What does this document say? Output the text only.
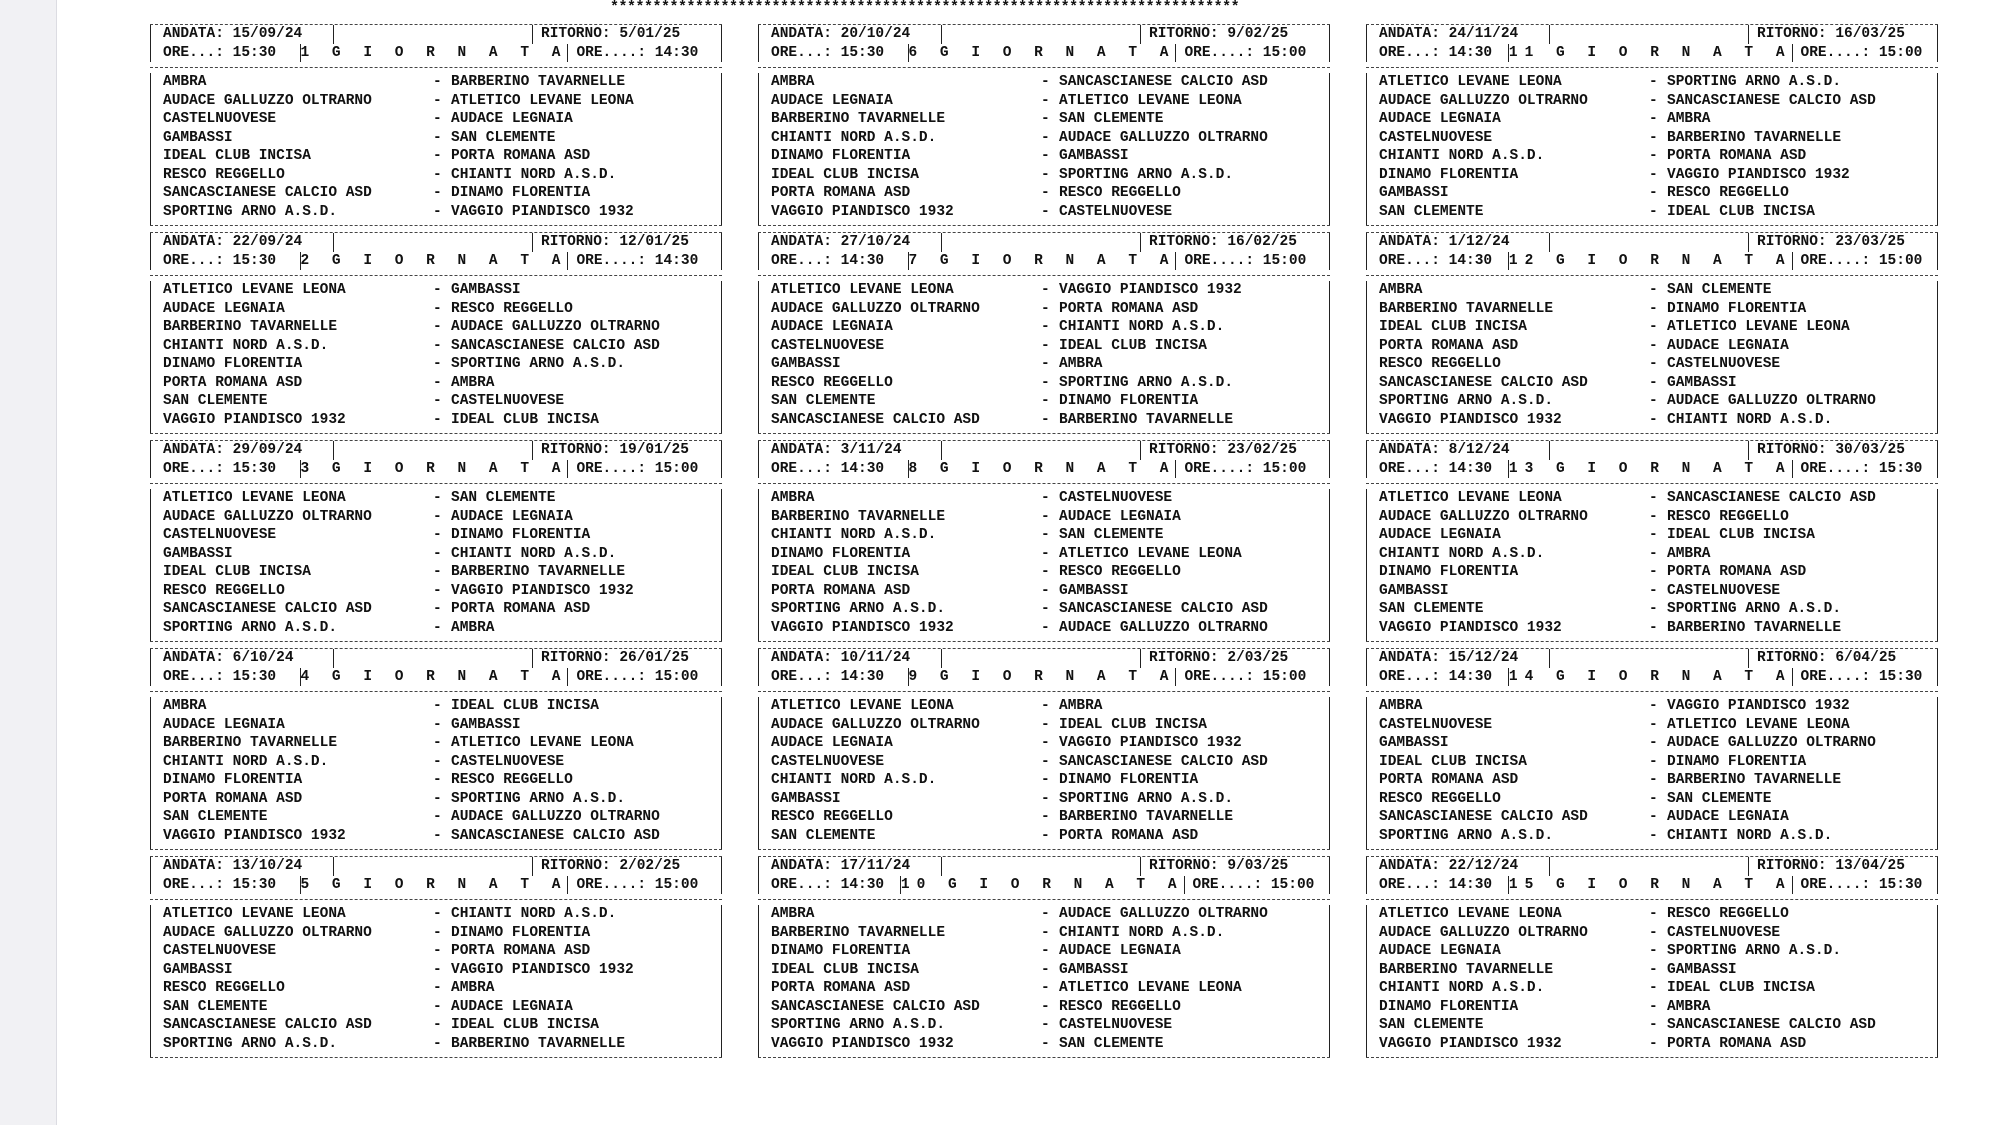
**************************************************************************
ANDATA: 15/09/24	RITORNO: 5/01/25
ORE...: 15:30	1 G I O R N A T A ORE....: 14:30
AMBRA	- BARBERINO TAVARNELLE
AUDACE GALLUZZO OLTRARNO	- ATLETICO LEVANE LEONA
CASTELNUOVESE	- AUDACE LEGNAIA
GAMBASSI	- SAN CLEMENTE
IDEAL CLUB INCISA	- PORTA ROMANA ASD
RESCO REGGELLO	- CHIANTI NORD A.S.D.
SANCASCIANESE CALCIO ASD	- DINAMO FLORENTIA
SPORTING ARNO A.S.D.	- VAGGIO PIANDISCO 1932
ANDATA: 20/10/24	RITORNO: 9/02/25
ORE...: 15:30	6 G I O R N A T A ORE....: 15:00
AMBRA	- SANCASCIANESE CALCIO ASD
AUDACE LEGNAIA	- ATLETICO LEVANE LEONA
BARBERINO TAVARNELLE	- SAN CLEMENTE
CHIANTI NORD A.S.D.	- AUDACE GALLUZZO OLTRARNO
DINAMO FLORENTIA	- GAMBASSI
IDEAL CLUB INCISA	- SPORTING ARNO A.S.D.
PORTA ROMANA ASD	- RESCO REGGELLO
VAGGIO PIANDISCO 1932	- CASTELNUOVESE
ANDATA: 24/11/24	RITORNO: 16/03/25
ORE...: 14:30	11 G I O R N A T A ORE....: 15:00
ATLETICO LEVANE LEONA	- SPORTING ARNO A.S.D.
AUDACE GALLUZZO OLTRARNO	- SANCASCIANESE CALCIO ASD
AUDACE LEGNAIA	- AMBRA
CASTELNUOVESE	- BARBERINO TAVARNELLE
CHIANTI NORD A.S.D.	- PORTA ROMANA ASD
DINAMO FLORENTIA	- VAGGIO PIANDISCO 1932
GAMBASSI	- RESCO REGGELLO
SAN CLEMENTE	- IDEAL CLUB INCISA
ANDATA: 22/09/24	RITORNO: 12/01/25
ORE...: 15:30	2 G I O R N A T A ORE....: 14:30
ATLETICO LEVANE LEONA	- GAMBASSI
AUDACE LEGNAIA	- RESCO REGGELLO
BARBERINO TAVARNELLE	- AUDACE GALLUZZO OLTRARNO
CHIANTI NORD A.S.D.	- SANCASCIANESE CALCIO ASD
DINAMO FLORENTIA	- SPORTING ARNO A.S.D.
PORTA ROMANA ASD	- AMBRA
SAN CLEMENTE	- CASTELNUOVESE
VAGGIO PIANDISCO 1932	- IDEAL CLUB INCISA
ANDATA: 27/10/24	RITORNO: 16/02/25
ORE...: 14:30	7 G I O R N A T A ORE....: 15:00
ATLETICO LEVANE LEONA	- VAGGIO PIANDISCO 1932
AUDACE GALLUZZO OLTRARNO	- PORTA ROMANA ASD
AUDACE LEGNAIA	- CHIANTI NORD A.S.D.
CASTELNUOVESE	- IDEAL CLUB INCISA
GAMBASSI	- AMBRA
RESCO REGGELLO	- SPORTING ARNO A.S.D.
SAN CLEMENTE	- DINAMO FLORENTIA
SANCASCIANESE CALCIO ASD	- BARBERINO TAVARNELLE
ANDATA: 1/12/24	RITORNO: 23/03/25
ORE...: 14:30	12 G I O R N A T A ORE....: 15:00
AMBRA	- SAN CLEMENTE
BARBERINO TAVARNELLE	- DINAMO FLORENTIA
IDEAL CLUB INCISA	- ATLETICO LEVANE LEONA
PORTA ROMANA ASD	- AUDACE LEGNAIA
RESCO REGGELLO	- CASTELNUOVESE
SANCASCIANESE CALCIO ASD	- GAMBASSI
SPORTING ARNO A.S.D.	- AUDACE GALLUZZO OLTRARNO
VAGGIO PIANDISCO 1932	- CHIANTI NORD A.S.D.
ANDATA: 29/09/24	RITORNO: 19/01/25
ORE...: 15:30	3 G I O R N A T A ORE....: 15:00
ATLETICO LEVANE LEONA	- SAN CLEMENTE
AUDACE GALLUZZO OLTRARNO	- AUDACE LEGNAIA
CASTELNUOVESE	- DINAMO FLORENTIA
GAMBASSI	- CHIANTI NORD A.S.D.
IDEAL CLUB INCISA	- BARBERINO TAVARNELLE
RESCO REGGELLO	- VAGGIO PIANDISCO 1932
SANCASCIANESE CALCIO ASD	- PORTA ROMANA ASD
SPORTING ARNO A.S.D.	- AMBRA
ANDATA: 3/11/24	RITORNO: 23/02/25
ORE...: 14:30	8 G I O R N A T A ORE....: 15:00
AMBRA	- CASTELNUOVESE
BARBERINO TAVARNELLE	- AUDACE LEGNAIA
CHIANTI NORD A.S.D.	- SAN CLEMENTE
DINAMO FLORENTIA	- ATLETICO LEVANE LEONA
IDEAL CLUB INCISA	- RESCO REGGELLO
PORTA ROMANA ASD	- GAMBASSI
SPORTING ARNO A.S.D.	- SANCASCIANESE CALCIO ASD
VAGGIO PIANDISCO 1932	- AUDACE GALLUZZO OLTRARNO
ANDATA: 8/12/24	RITORNO: 30/03/25
ORE...: 14:30	13 G I O R N A T A ORE....: 15:30
ATLETICO LEVANE LEONA	- SANCASCIANESE CALCIO ASD
AUDACE GALLUZZO OLTRARNO	- RESCO REGGELLO
AUDACE LEGNAIA	- IDEAL CLUB INCISA
CHIANTI NORD A.S.D.	- AMBRA
DINAMO FLORENTIA	- PORTA ROMANA ASD
GAMBASSI	- CASTELNUOVESE
SAN CLEMENTE	- SPORTING ARNO A.S.D.
VAGGIO PIANDISCO 1932	- BARBERINO TAVARNELLE
ANDATA: 6/10/24	RITORNO: 26/01/25
ORE...: 15:30	4 G I O R N A T A ORE....: 15:00
AMBRA	- IDEAL CLUB INCISA
AUDACE LEGNAIA	- GAMBASSI
BARBERINO TAVARNELLE	- ATLETICO LEVANE LEONA
CHIANTI NORD A.S.D.	- CASTELNUOVESE
DINAMO FLORENTIA	- RESCO REGGELLO
PORTA ROMANA ASD	- SPORTING ARNO A.S.D.
SAN CLEMENTE	- AUDACE GALLUZZO OLTRARNO
VAGGIO PIANDISCO 1932	- SANCASCIANESE CALCIO ASD
ANDATA: 10/11/24	RITORNO: 2/03/25
ORE...: 14:30	9 G I O R N A T A ORE....: 15:00
ATLETICO LEVANE LEONA	- AMBRA
AUDACE GALLUZZO OLTRARNO	- IDEAL CLUB INCISA
AUDACE LEGNAIA	- VAGGIO PIANDISCO 1932
CASTELNUOVESE	- SANCASCIANESE CALCIO ASD
CHIANTI NORD A.S.D.	- DINAMO FLORENTIA
GAMBASSI	- SPORTING ARNO A.S.D.
RESCO REGGELLO	- BARBERINO TAVARNELLE
SAN CLEMENTE	- PORTA ROMANA ASD
ANDATA: 15/12/24	RITORNO: 6/04/25
ORE...: 14:30	14 G I O R N A T A ORE....: 15:30
AMBRA	- VAGGIO PIANDISCO 1932
CASTELNUOVESE	- ATLETICO LEVANE LEONA
GAMBASSI	- AUDACE GALLUZZO OLTRARNO
IDEAL CLUB INCISA	- DINAMO FLORENTIA
PORTA ROMANA ASD	- BARBERINO TAVARNELLE
RESCO REGGELLO	- SAN CLEMENTE
SANCASCIANESE CALCIO ASD	- AUDACE LEGNAIA
SPORTING ARNO A.S.D.	- CHIANTI NORD A.S.D.
ANDATA: 13/10/24	RITORNO: 2/02/25
ORE...: 15:30	5 G I O R N A T A ORE....: 15:00
ATLETICO LEVANE LEONA	- CHIANTI NORD A.S.D.
AUDACE GALLUZZO OLTRARNO	- DINAMO FLORENTIA
CASTELNUOVESE	- PORTA ROMANA ASD
GAMBASSI	- VAGGIO PIANDISCO 1932
RESCO REGGELLO	- AMBRA
SAN CLEMENTE	- AUDACE LEGNAIA
SANCASCIANESE CALCIO ASD	- IDEAL CLUB INCISA
SPORTING ARNO A.S.D.	- BARBERINO TAVARNELLE
ANDATA: 17/11/24	RITORNO: 9/03/25
ORE...: 14:30	10 G I O R N A T A ORE....: 15:00
AMBRA	- AUDACE GALLUZZO OLTRARNO
BARBERINO TAVARNELLE	- CHIANTI NORD A.S.D.
DINAMO FLORENTIA	- AUDACE LEGNAIA
IDEAL CLUB INCISA	- GAMBASSI
PORTA ROMANA ASD	- ATLETICO LEVANE LEONA
SANCASCIANESE CALCIO ASD	- RESCO REGGELLO
SPORTING ARNO A.S.D.	- CASTELNUOVESE
VAGGIO PIANDISCO 1932	- SAN CLEMENTE
ANDATA: 22/12/24	RITORNO: 13/04/25
ORE...: 14:30	15 G I O R N A T A ORE....: 15:30
ATLETICO LEVANE LEONA	- RESCO REGGELLO
AUDACE GALLUZZO OLTRARNO	- CASTELNUOVESE
AUDACE LEGNAIA	- SPORTING ARNO A.S.D.
BARBERINO TAVARNELLE	- GAMBASSI
CHIANTI NORD A.S.D.	- IDEAL CLUB INCISA
DINAMO FLORENTIA	- AMBRA
SAN CLEMENTE	- SANCASCIANESE CALCIO ASD
VAGGIO PIANDISCO 1932	- PORTA ROMANA ASD
